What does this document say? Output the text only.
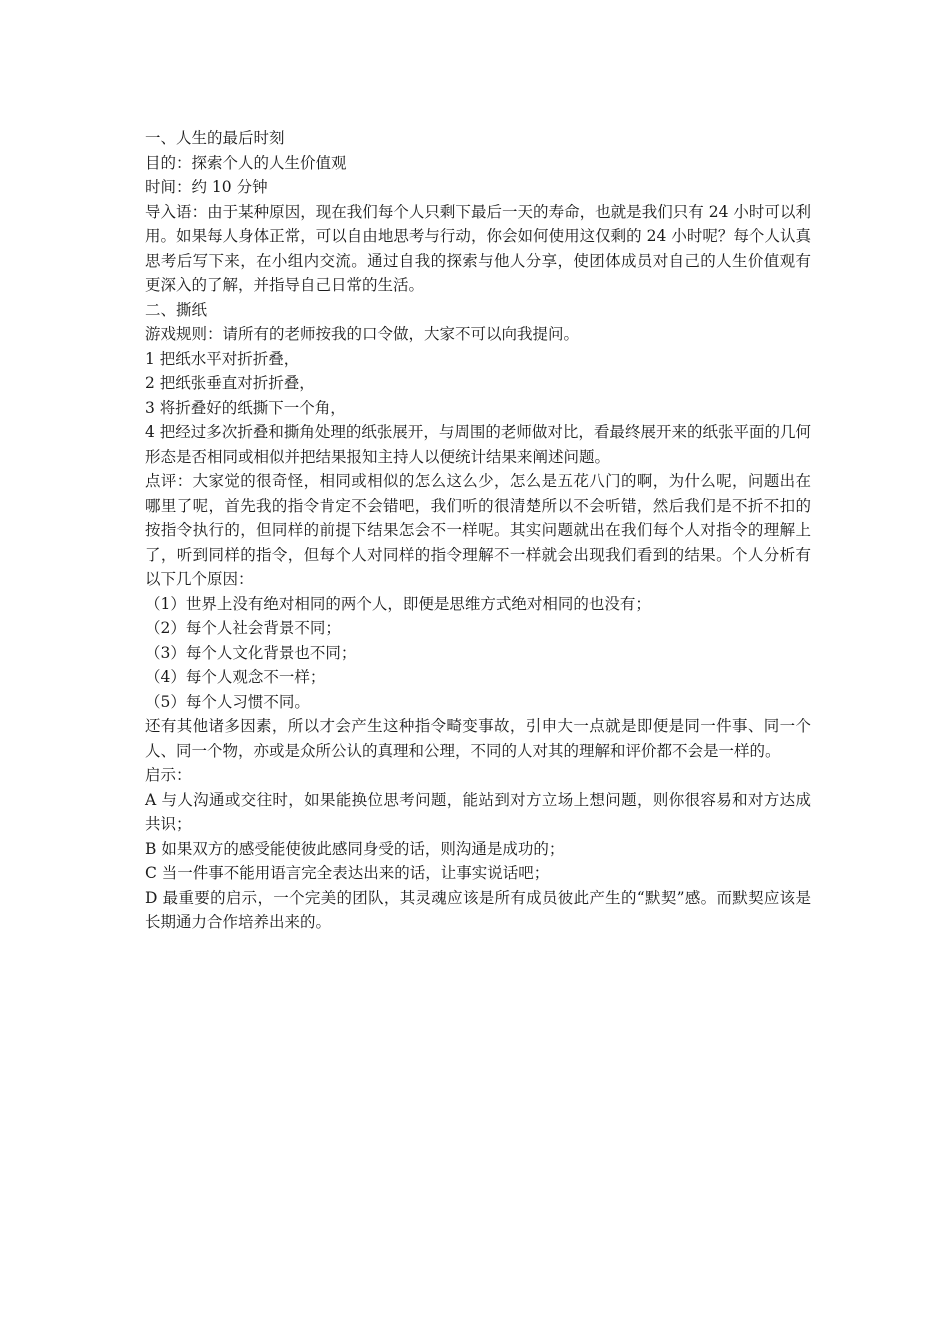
一、人生的最后时刻

目的：探索个人的人生价值观

时间：约 10 分钟

导入语：由于某种原因，现在我们每个人只剩下最后一天的寿命，也就是我们只有 24 小时可以利用。如果每人身体正常，可以自由地思考与行动，你会如何使用这仅剩的 24 小时呢？每个人认真思考后写下来，在小组内交流。通过自我的探索与他人分享，使团体成员对自己的人生价值观有更深入的了解，并指导自己日常的生活。

二、撕纸

游戏规则：请所有的老师按我的口令做，大家不可以向我提问。

1 把纸水平对折折叠，

2 把纸张垂直对折折叠，

3 将折叠好的纸撕下一个角，

4 把经过多次折叠和撕角处理的纸张展开，与周围的老师做对比，看最终展开来的纸张平面的几何形态是否相同或相似并把结果报知主持人以便统计结果来阐述问题。

点评：大家觉的很奇怪，相同或相似的怎么这么少，怎么是五花八门的啊，为什么呢，问题出在哪里了呢，首先我的指令肯定不会错吧，我们听的很清楚所以不会听错，然后我们是不折不扣的按指令执行的，但同样的前提下结果怎会不一样呢。其实问题就出在我们每个人对指令的理解上了，听到同样的指令，但每个人对同样的指令理解不一样就会出现我们看到的结果。个人分析有以下几个原因：

（1）世界上没有绝对相同的两个人，即便是思维方式绝对相同的也没有；

（2）每个人社会背景不同；

（3）每个人文化背景也不同；

（4）每个人观念不一样；

（5）每个人习惯不同。

还有其他诸多因素，所以才会产生这种指令畸变事故，引申大一点就是即便是同一件事、同一个人、同一个物，亦或是众所公认的真理和公理，不同的人对其的理解和评价都不会是一样的。

启示：

A 与人沟通或交往时，如果能换位思考问题，能站到对方立场上想问题，则你很容易和对方达成共识；

B 如果双方的感受能使彼此感同身受的话，则沟通是成功的；

C 当一件事不能用语言完全表达出来的话，让事实说话吧；

D 最重要的启示，一个完美的团队，其灵魂应该是所有成员彼此产生的“默契”感。而默契应该是长期通力合作培养出来的。
